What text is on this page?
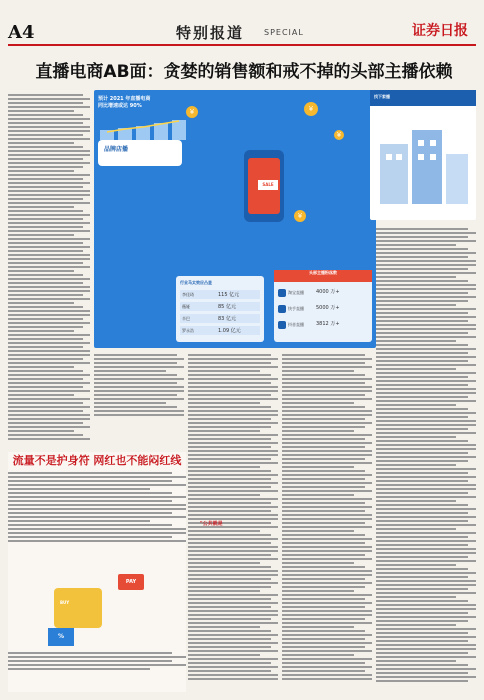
A4	特别报道 SPECIAL	证券日报
直播电商AB面：贪婪的销售额和戒不掉的头部主播依赖
预计 2021 年直播电商
同比增速或达 90%
品牌店播
SALE
¥	¥
¥
¥
行业马太效应凸显
李佳琦	115 亿元
薇娅	85 亿元
辛巴	83 亿元
罗永浩	1.09 亿元
头部主播粉丝数
淘宝直播 4000 万+
快手直播 5000 万+
抖音直播 3812 万+
找下家播
"公共就是
流量不是护身符 网红也不能闷红线
BUY
PAY
%
